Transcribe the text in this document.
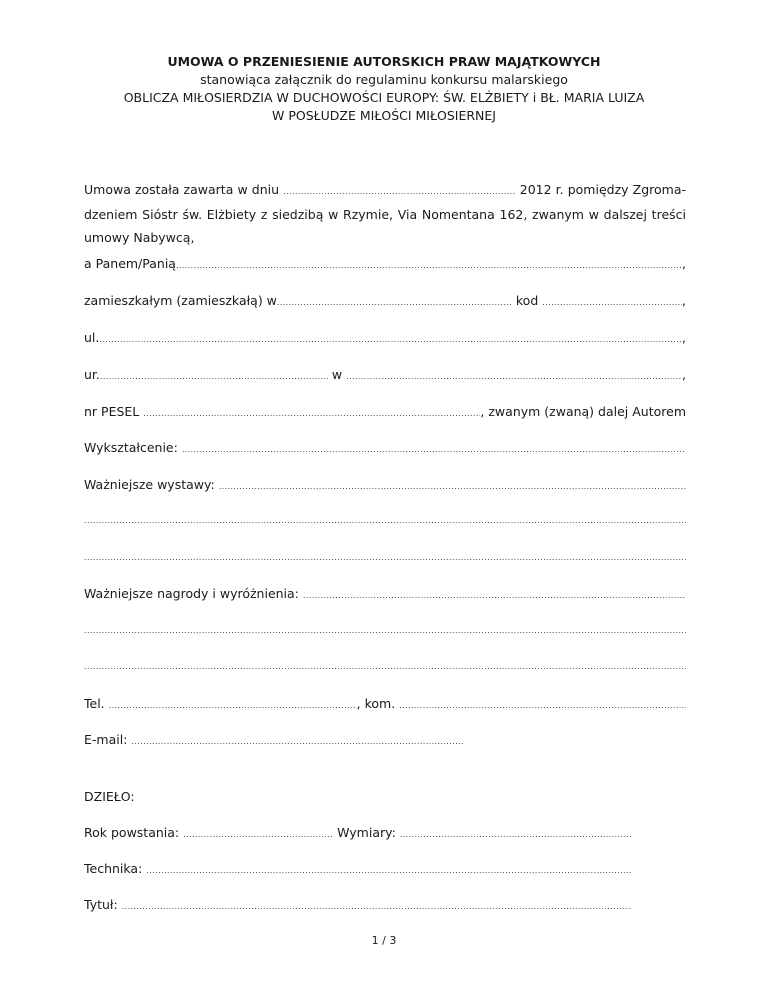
UMOWA O PRZENIESIENIE AUTORSKICH PRAW MAJĄTKOWYCH
stanowiąca załącznik do regulaminu konkursu malarskiego
OBLICZA MIŁOSIERDZIA W DUCHOWOŚCI EUROPY: ŚW. ELŻBIETY i BŁ. MARIA LUIZA
W POSŁUDZE MIŁOŚCI MIŁOSIERNEJ
Umowa została zawarta w dniu ............................................................................... 2012 r. pomiędzy Zgroma-dzeniem Sióstr św. Elżbiety z siedzibą w Rzymie, Via Nomentana 162, zwanym w dalszej treści umowy Nabywcą,
a Panem/Panią .....	,
zamieszkałym (zamieszkałą) w .....	kod .....	,
ul. .....	,
ur. .....	w .....	,
nr PESEL .....	, zwanym (zwaną) dalej Autorem
Wykształcenie:
.....
Ważniejsze wystawy:
.....
.....
.....
Ważniejsze nagrody i wyróżnienia:
.....
.....
.....
Tel. .....	, kom.
.....
E-mail:
.....
DZIEŁO:
Rok powstania: .....	Wymiary:
.....
Technika:
.....
Tytuł:
.....
1 / 3
